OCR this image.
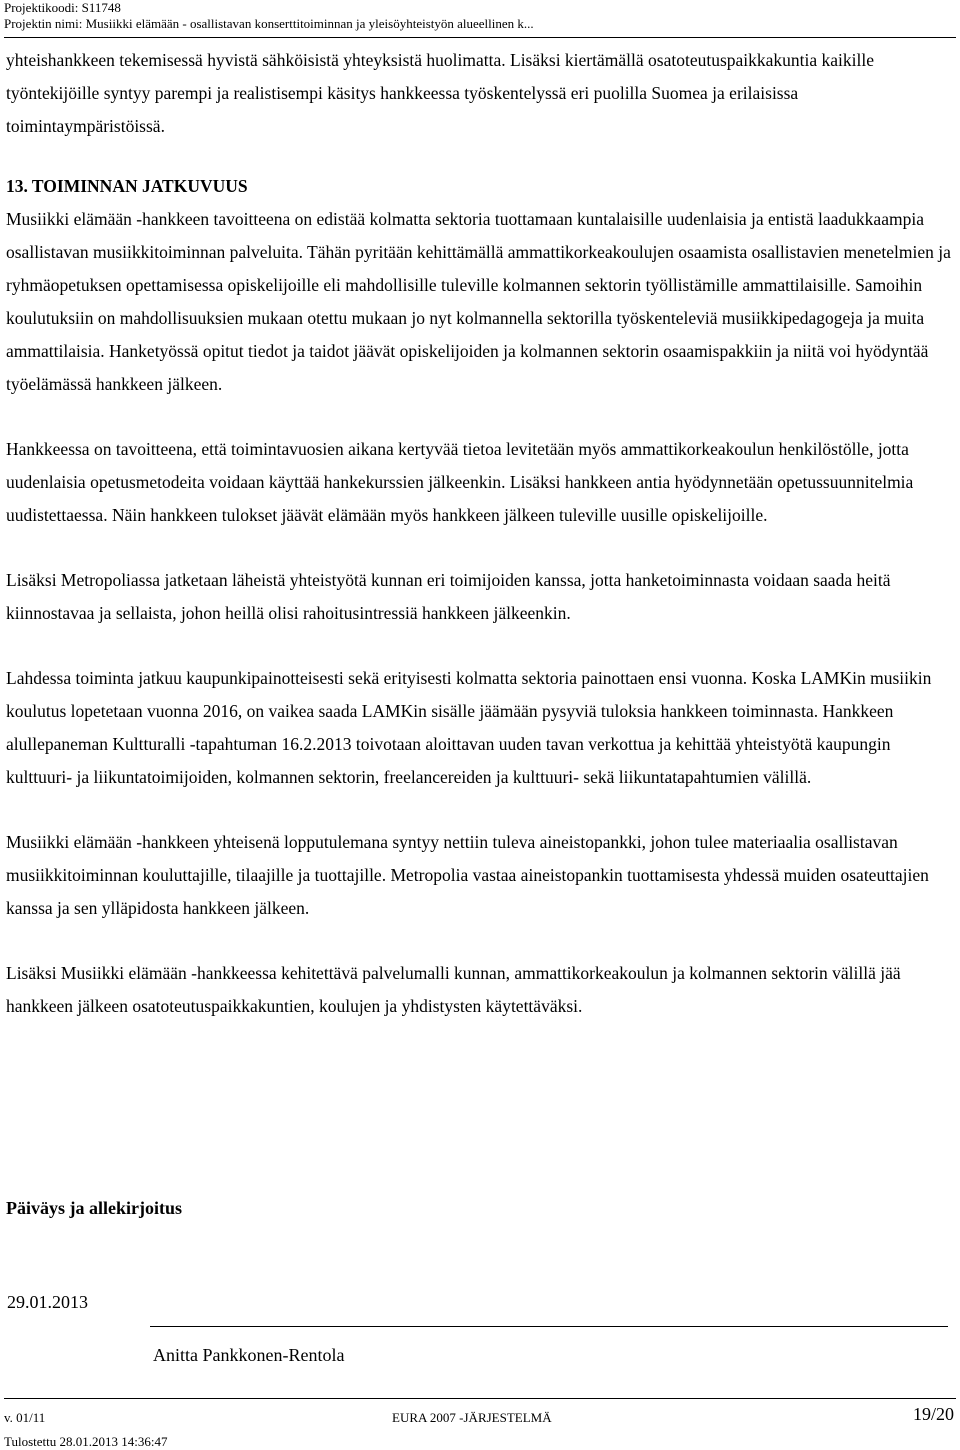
Projektikoodi: S11748
Projektin nimi: Musiikki elämään - osallistavan konserttitoiminnan ja yleisöyhteistyön alueellinen k...

yhteishankkeen tekemisessä hyvistä sähköisistä yhteyksistä huolimatta. Lisäksi kiertämällä osatoteutuspaikkakuntia kaikille työntekijöille syntyy parempi ja realistisempi käsitys hankkeessa työskentelyssä eri puolilla Suomea ja erilaisissa toimintaympäristöissä.

13. TOIMINNAN JATKUVUUS

Musiikki elämään -hankkeen tavoitteena on edistää kolmatta sektoria tuottamaan kuntalaisille uudenlaisia ja entistä laadukkaampia osallistavan musiikkitoiminnan palveluita. Tähän pyritään kehittämällä ammattikorkeakoulujen osaamista osallistavien menetelmien ja ryhmäopetuksen opettamisessa opiskelijoille eli mahdollisille tuleville kolmannen sektorin työllistämille ammattilaisille. Samoihin koulutuksiin on mahdollisuuksien mukaan otettu mukaan jo nyt kolmannella sektorilla työskenteleviä musiikkipedagogeja ja muita ammattilaisia. Hanketyössä opitut tiedot ja taidot jäävät opiskelijoiden ja kolmannen sektorin osaamispakkiin ja niitä voi hyödyntää työelämässä hankkeen jälkeen.

Hankkeessa on tavoitteena, että toimintavuosien aikana kertyvää tietoa levitetään myös ammattikorkeakoulun henkilöstölle, jotta uudenlaisia opetusmetodeita voidaan käyttää hankekurssien jälkeenkin. Lisäksi hankkeen antia hyödynnetään opetussuunnitelmia uudistettaessa. Näin hankkeen tulokset jäävät elämään myös hankkeen jälkeen tuleville uusille opiskelijoille.

Lisäksi Metropoliassa jatketaan läheistä yhteistyötä kunnan eri toimijoiden kanssa, jotta hanketoiminnasta voidaan saada heitä kiinnostavaa ja sellaista, johon heillä olisi rahoitusintressiä hankkeen jälkeenkin.

Lahdessa toiminta jatkuu kaupunkipainotteisesti sekä erityisesti kolmatta sektoria painottaen ensi vuonna. Koska LAMKin musiikin koulutus lopetetaan vuonna 2016, on vaikea saada LAMKin sisälle jäämään pysyviä tuloksia hankkeen toiminnasta. Hankkeen alullepaneman Kultturalli -tapahtuman 16.2.2013 toivotaan aloittavan uuden tavan verkottua ja kehittää yhteistyötä kaupungin kulttuuri- ja liikuntatoimijoiden, kolmannen sektorin, freelancereiden ja kulttuuri- sekä liikuntatapahtumien välillä.

Musiikki elämään -hankkeen yhteisenä lopputulemana syntyy nettiin tuleva aineistopankki, johon tulee materiaalia osallistavan musiikkitoiminnan kouluttajille, tilaajille ja tuottajille. Metropolia vastaa aineistopankin tuottamisesta yhdessä muiden osateuttajien kanssa ja sen ylläpidosta hankkeen jälkeen.

Lisäksi Musiikki elämään -hankkeessa kehitettävä palvelumalli kunnan, ammattikorkeakoulun ja kolmannen sektorin välillä jää hankkeen jälkeen osatoteutuspaikkakuntien, koulujen ja yhdistysten käytettäväksi.

Päiväys ja allekirjoitus
29.01.2013
Anitta Pankkonen-Rentola
v. 01/11
Tulostettu 28.01.2013 14:36:47
EURA 2007 -JÄRJESTELMÄ	19/20
